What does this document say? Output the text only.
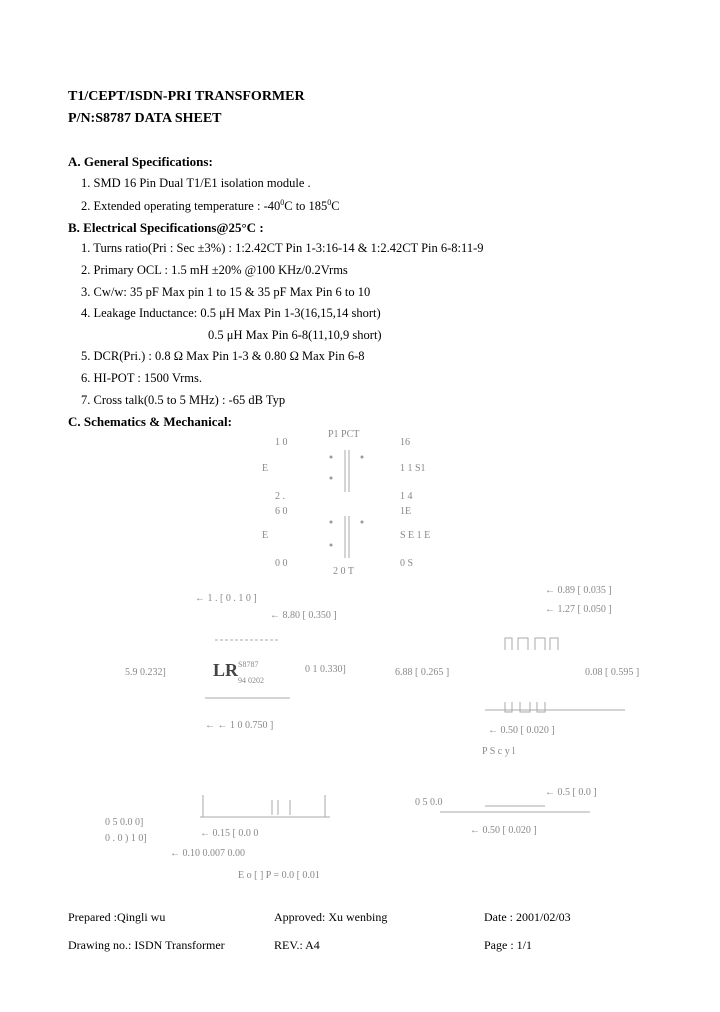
T1/CEPT/ISDN-PRI TRANSFORMER
P/N:S8787 DATA SHEET
A. General Specifications:
1. SMD 16 Pin Dual T1/E1 isolation module .
2. Extended operating temperature : $-40^0C$ to $185^0C$
B. Electrical Specifications@25°C :
1. Turns ratio(Pri : Sec ±3%) : 1:2.42CT Pin 1-3:16-14 & 1:2.42CT Pin 6-8:11-9
2. Primary OCL : 1.5 mH ±20% @100 KHz/0.2Vrms
3. Cw/w: 35 pF Max pin 1 to 15 & 35 pF Max Pin 6 to 10
4. Leakage Inductance: 0.5 μH Max Pin 1-3(16,15,14 short)
0.5 μH Max Pin 6-8(11,10,9 short)
5. DCR(Pri.) : 0.8 Ω Max Pin 1-3 & 0.80 Ω Max Pin 6-8
6. HI-POT : 1500 Vrms.
7. Cross talk(0.5 to 5 MHz) : -65 dB Typ
C. Schematics & Mechanical:
P1 PCT
1 0	16
E	1 1 S1
2 .	1 4
6 0	1E
E	S E 1 E
0 0
2 0 T
0 S
← 1 . [ 0 . 1 0 ]
← 8.80 [ 0.350 ]
← 0.89 [ 0.035 ]
← 1.27 [ 0.050 ]
5.9 0.232]	0 1 0.330]	6.88 [ 0.265 ]	0.08 [ 0.595 ]
← ← 1 0 0.750 ]	← 0.50 [ 0.020 ]
P S c y l
← 0.5 [ 0.0 ]
0 5 0.0 0]
0 . 0 ) 1 0]	← 0.15 [ 0.0 0
← 0.10 0.007 0.00
0 5 0.0
← 0.50 [ 0.020 ]
E o [ ] P = 0.0 [ 0.01
LR S8787
94 0202
Prepared :Qingli wu	Approved: Xu wenbing	Date : 2001/02/03
Drawing no.: ISDN Transformer	REV.: A4	Page : 1/1
